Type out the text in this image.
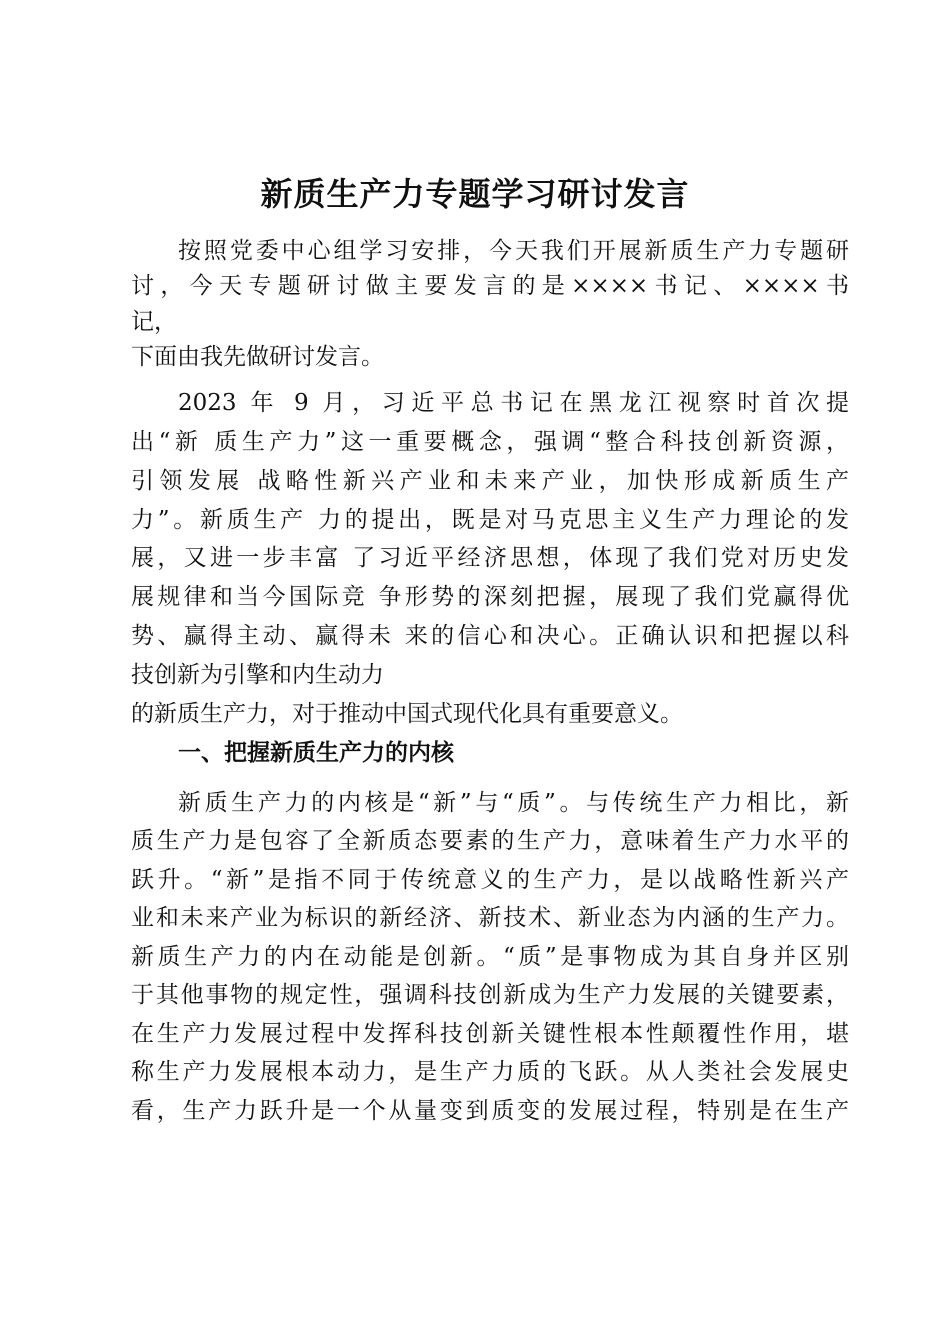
新质生产力专题学习研讨发言
按照党委中心组学习安排，今天我们开展新质生产力专题研
讨，今天专题研讨做主要发言的是××××书记、××××书
记，
下面由我先做研讨发言。
2023 年 9 月，习近平总书记在黑龙江视察时首次提
出“新 质生产力”这一重要概念，强调“整合科技创新资源，
引领发展 战略性新兴产业和未来产业，加快形成新质生产
力”。新质生产 力的提出，既是对马克思主义生产力理论的发
展，又进一步丰富 了习近平经济思想，体现了我们党对历史发
展规律和当今国际竞 争形势的深刻把握，展现了我们党赢得优
势、赢得主动、赢得未 来的信心和决心。正确认识和把握以科
技创新为引擎和内生动力
的新质生产力，对于推动中国式现代化具有重要意义。
一、把握新质生产力的内核
新质生产力的内核是“新”与“质”。与传统生产力相比，新
质生产力是包容了全新质态要素的生产力，意味着生产力水平的
跃升。“新”是指不同于传统意义的生产力，是以战略性新兴产
业和未来产业为标识的新经济、新技术、新业态为内涵的生产力。
新质生产力的内在动能是创新。“质”是事物成为其自身并区别
于其他事物的规定性，强调科技创新成为生产力发展的关键要素，
在生产力发展过程中发挥科技创新关键性根本性颠覆性作用，堪
称生产力发展根本动力，是生产力质的飞跃。从人类社会发展史
看，生产力跃升是一个从量变到质变的发展过程，特别是在生产
